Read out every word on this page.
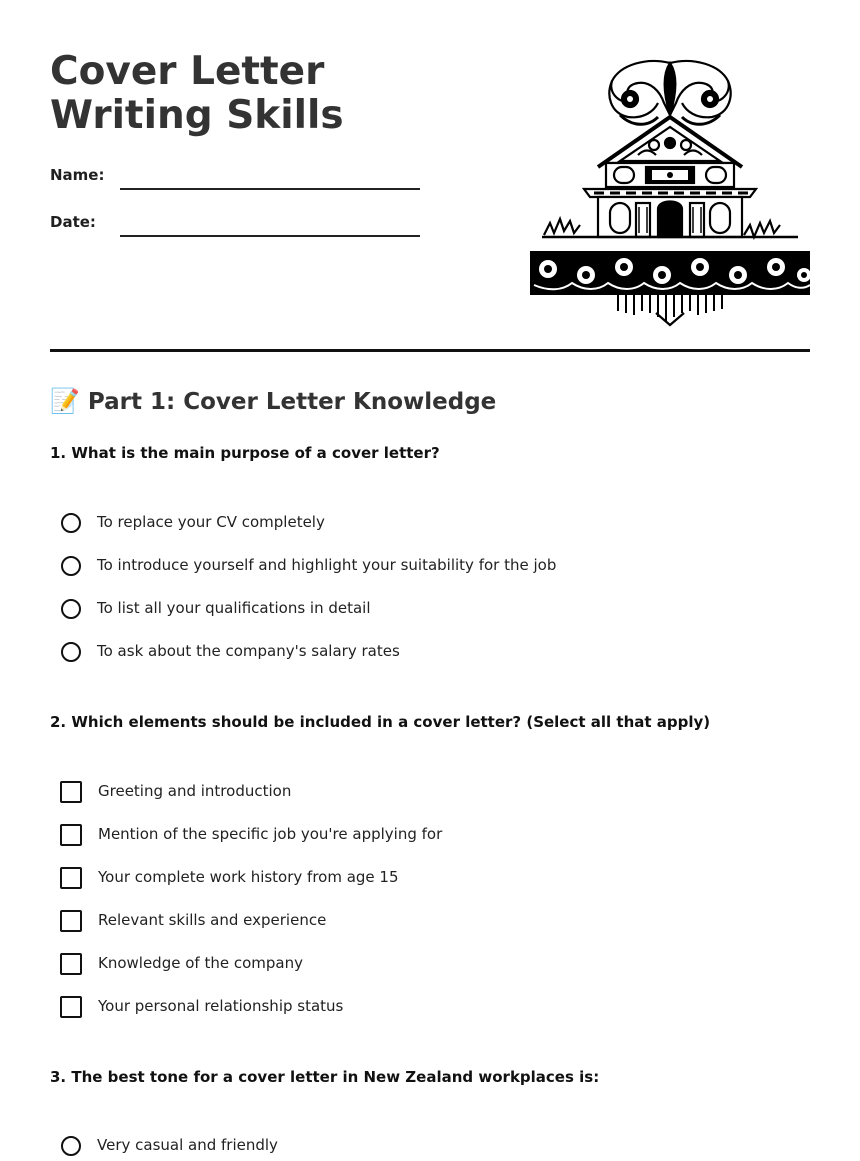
Cover Letter Writing Skills
Name:
Date:
📝 Part 1: Cover Letter Knowledge

1. What is the main purpose of a cover letter?

To replace your CV completely
To introduce yourself and highlight your suitability for the job
To list all your qualifications in detail
To ask about the company's salary rates

2. Which elements should be included in a cover letter? (Select all that apply)

Greeting and introduction
Mention of the specific job you're applying for
Your complete work history from age 15
Relevant skills and experience
Knowledge of the company
Your personal relationship status

3. The best tone for a cover letter in New Zealand workplaces is:

Very casual and friendly
